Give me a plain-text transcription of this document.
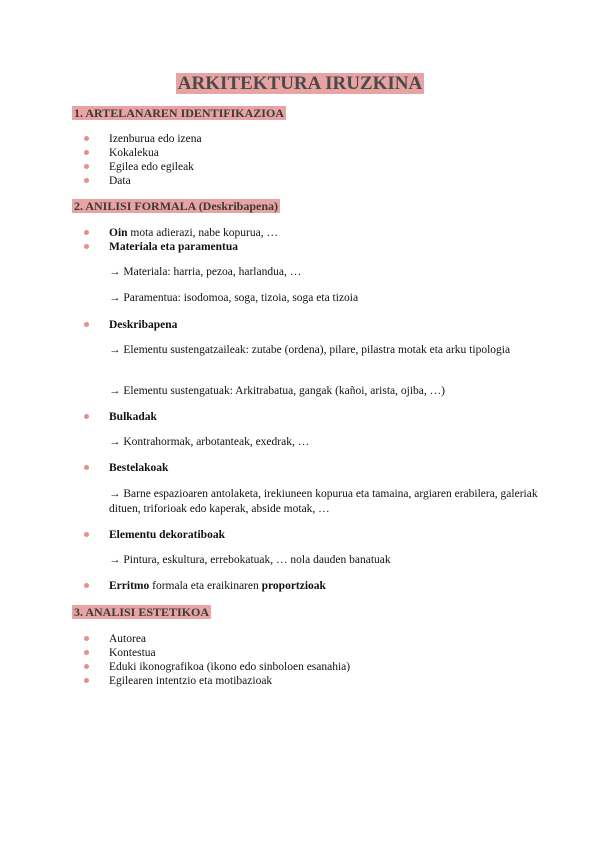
ARKITEKTURA IRUZKINA
1. ARTELANAREN IDENTIFIKAZIOA
Izenburua edo izena
Kokalekua
Egilea edo egileak
Data
2. ANILISI FORMALA (Deskribapena)
Oin mota adierazi, nabe kopurua, …
Materiala eta paramentua
→ Materiala: harria, pezoa, harlandua, …
→ Paramentua: isodomoa, soga, tizoia, soga eta tizoia
Deskribapena
→ Elementu sustengatzaileak: zutabe (ordena), pilare, pilastra motak eta arku tipologia
→ Elementu sustengatuak: Arkitrabatua, gangak (kañoi, arista, ojiba, …)
Bulkadak
→ Kontrahormak, arbotanteak, exedrak, …
Bestelakoak
→ Barne espazioaren antolaketa, irekiuneen kopurua eta tamaina, argiaren erabilera, galeriak dituen, triforioak edo kaperak, abside motak, …
Elementu dekoratiboak
→ Pintura, eskultura, errebokatuak, … nola dauden banatuak
Erritmo formala eta eraikinaren proportzioak
3. ANALISI ESTETIKOA
Autorea
Kontestua
Eduki ikonografikoa (ikono edo sinboloen esanahia)
Egilearen intentzio eta motibazioak
